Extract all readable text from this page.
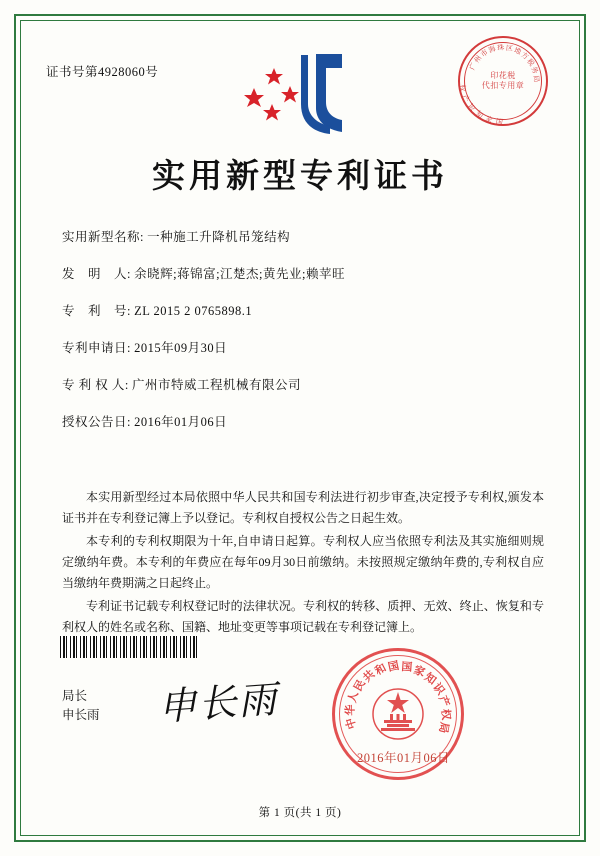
证书号第4928060号	广
州
市
海 珠 区 地
方
税
务
局
国
家
知
识
产
权
印花税
代扣专用章
实用新型专利证书
实用新型名称: 一种施工升降机吊笼结构
发　明　人: 余晓辉;蒋锦富;江楚杰;黄先业;赖苹旺
专　利　号: ZL 2015 2 0765898.1
专利申请日: 2015年09月30日
专 利 权 人: 广州市特威工程机械有限公司
授权公告日: 2016年01月06日

本实用新型经过本局依照中华人民共和国专利法进行初步审查,决定授予专利权,颁发本证书并在专利登记簿上予以登记。专利权自授权公告之日起生效。

本专利的专利权期限为十年,自申请日起算。专利权人应当依照专利法及其实施细则规定缴纳年费。本专利的年费应在每年09月30日前缴纳。未按照规定缴纳年费的,专利权自应当缴纳年费期满之日起终止。

专利证书记载专利权登记时的法律状况。专利权的转移、质押、无效、终止、恢复和专利权人的姓名或名称、国籍、地址变更等事项记载在专利登记簿上。

局长
申长雨 申长雨	中
华
人
民
共
和
国 国 家
知
识
产
权
局
2016年01月06日
第 1 页(共 1 页)
